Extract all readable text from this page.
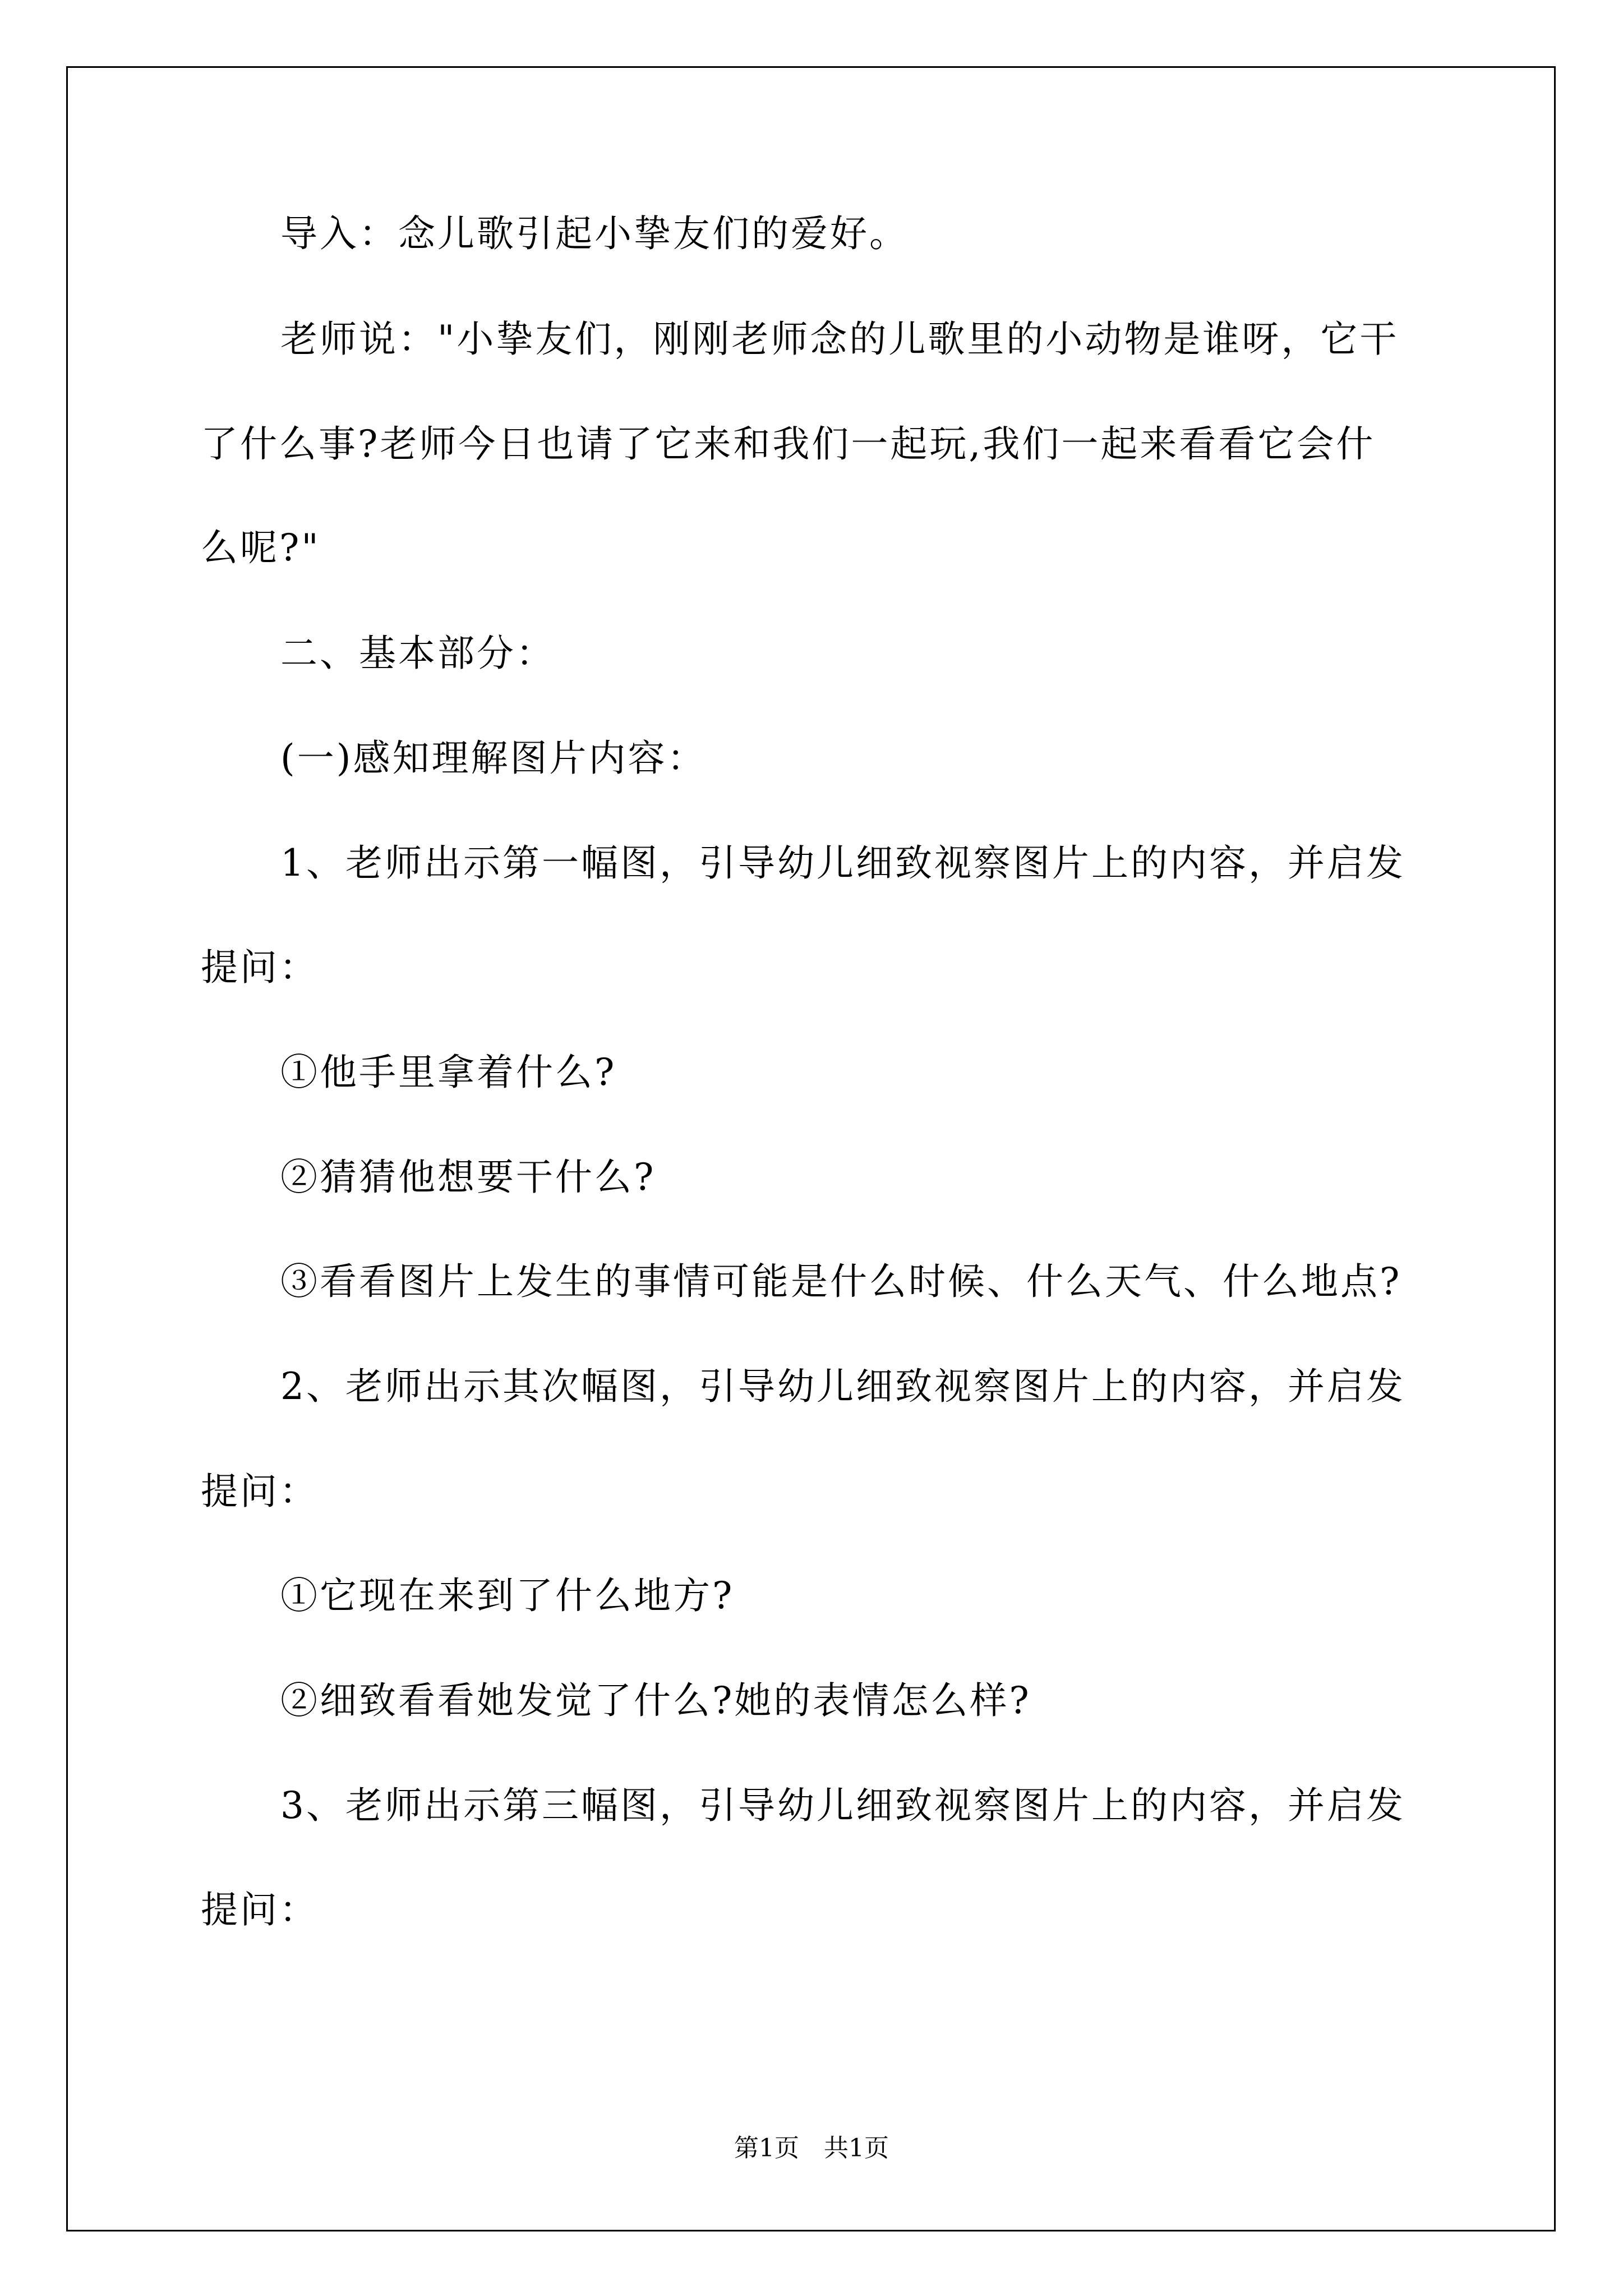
导入：念儿歌引起小挚友们的爱好。
老师说："小挚友们，刚刚老师念的儿歌里的小动物是谁呀，它干
了什么事?老师今日也请了它来和我们一起玩,我们一起来看看它会什
么呢?"
二、基本部分：
(一)感知理解图片内容：
1、老师出示第一幅图，引导幼儿细致视察图片上的内容，并启发
提问：
①他手里拿着什么?
②猜猜他想要干什么?
③看看图片上发生的事情可能是什么时候、什么天气、什么地点?
2、老师出示其次幅图，引导幼儿细致视察图片上的内容，并启发
提问：
①它现在来到了什么地方?
②细致看看她发觉了什么?她的表情怎么样?
3、老师出示第三幅图，引导幼儿细致视察图片上的内容，并启发
提问：
第1页　共1页
